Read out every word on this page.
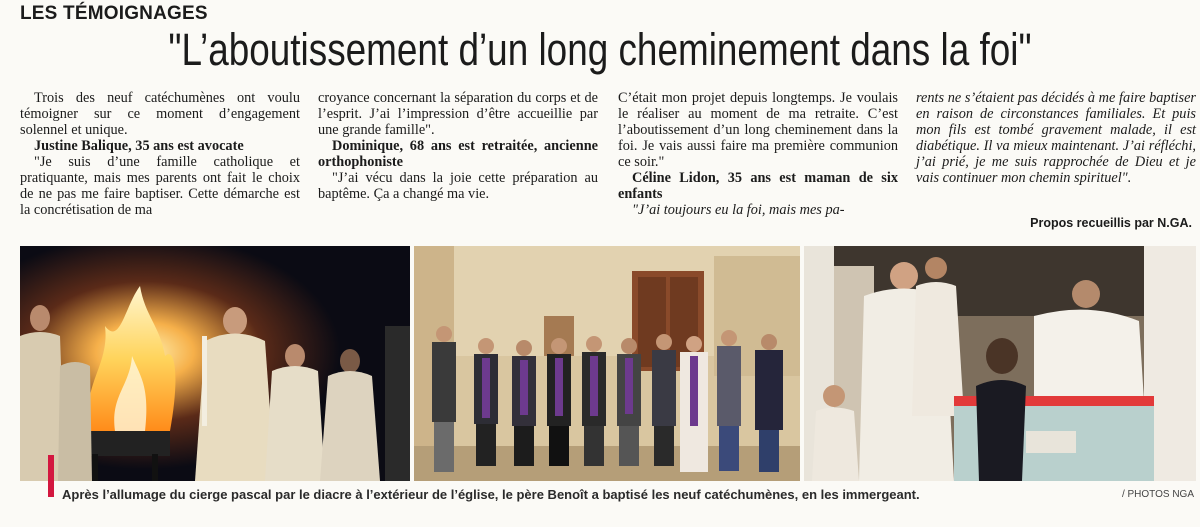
LES TÉMOIGNAGES
"L’aboutissement d’un long cheminement dans la foi"

Trois des neuf catéchumènes ont voulu témoigner sur ce moment d’engagement solennel et unique.

Justine Balique, 35 ans est avocate

"Je suis d’une famille catholique et pratiquante, mais mes parents ont fait le choix de ne pas me faire baptiser. Cette démarche est la concrétisation de ma

croyance concernant la séparation du corps et de l’esprit. J’ai l’impression d’être accueillie par une grande famille".

Dominique, 68 ans est retraitée, ancienne orthophoniste

"J’ai vécu dans la joie cette préparation au baptême. Ça a changé ma vie.

C’était mon projet depuis longtemps. Je voulais le réaliser au moment de ma retraite. C’est l’aboutissement d’un long cheminement dans la foi. Je vais aussi faire ma première communion ce soir."

Céline Lidon, 35 ans est maman de six enfants

"J’ai toujours eu la foi, mais mes pa-

rents ne s’étaient pas décidés à me faire baptiser en raison de circonstances familiales. Et puis mon fils est tombé gravement malade, il est diabétique. Il va mieux maintenant. J’ai réfléchi, j’ai prié, je me suis rapprochée de Dieu et je vais continuer mon chemin spirituel".

Propos recueillis par N.GA.
Après l’allumage du cierge pascal par le diacre à l’extérieur de l’église, le père Benoît a baptisé les neuf catéchumènes, en les immergeant.	/ PHOTOS NGA
